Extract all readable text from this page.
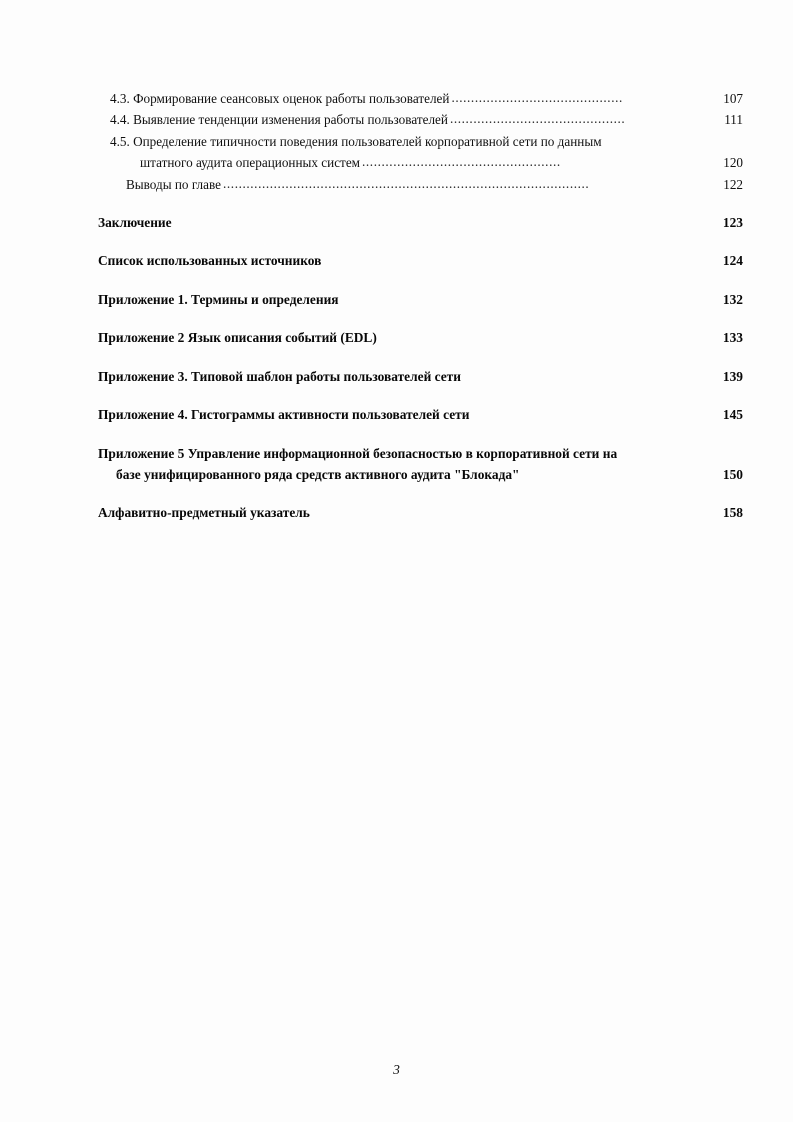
4.3. Формирование сеансовых оценок работы пользователей ............................................	107
4.4. Выявление тенденции изменения работы пользователей .............................................	111
4.5. Определение типичности поведения пользователей корпоративной сети по данным
штатного аудита операционных систем ...................................................	120
Выводы по главе ..............................................................................................	122
Заключение	123
Список использованных источников	124
Приложение 1. Термины и определения	132
Приложение 2 Язык описания событий (EDL)	133
Приложение 3. Типовой шаблон работы пользователей сети	139
Приложение 4. Гистограммы активности пользователей сети	145
Приложение 5 Управление информационной безопасностью в корпоративной сети на
базе унифицированного ряда средств активного аудита "Блокада"	150
Алфавитно-предметный указатель	158
3
